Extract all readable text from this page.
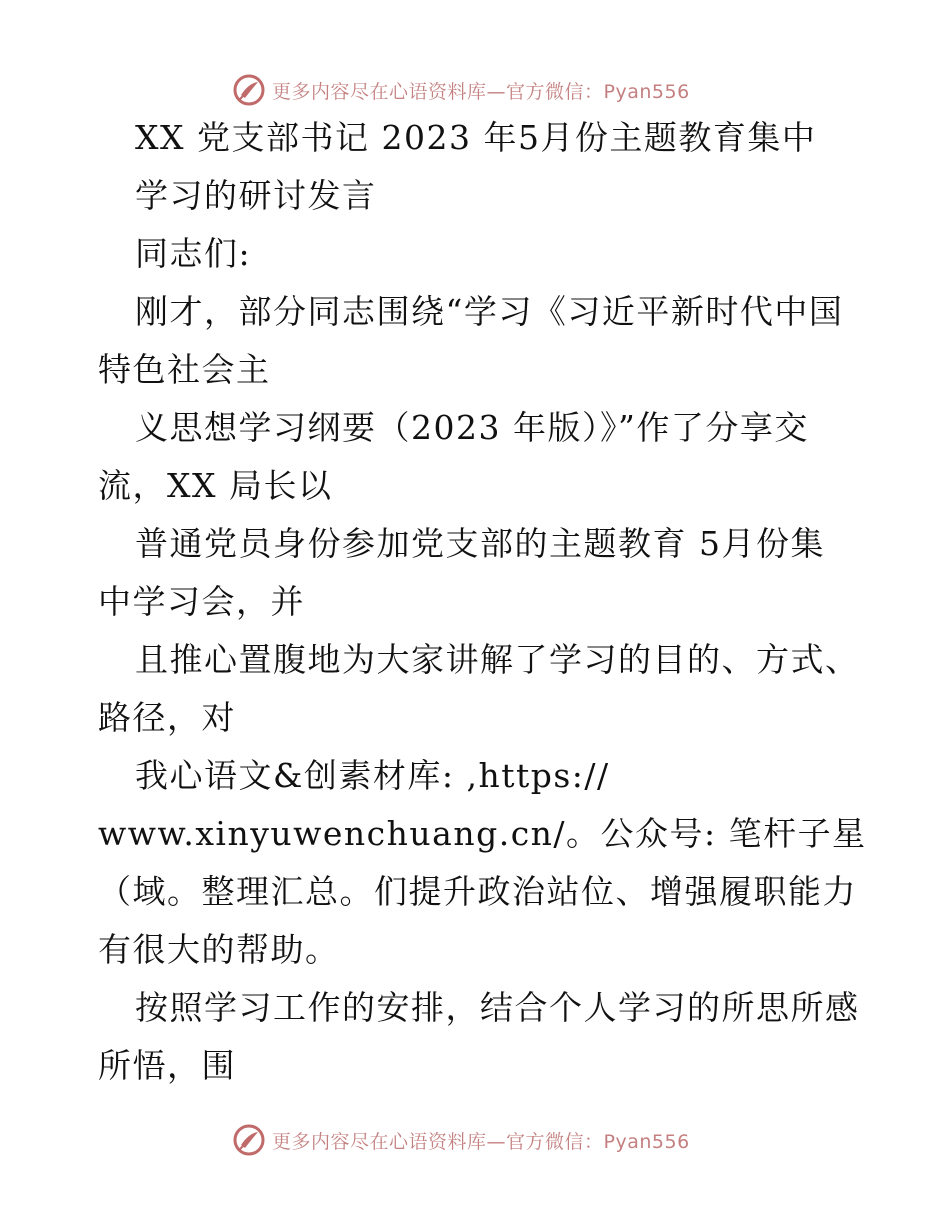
更多内容尽在心语资料库—官方微信：Pyan556
XX 党支部书记 2023 年5月份主题教育集中
学习的研讨发言
同志们:
刚才，部分同志围绕“学习《习近平新时代中国
特色社会主
义思想学习纲要（2023 年版）》”作了分享交
流，XX 局长以
普通党员身份参加党支部的主题教育 5月份集
中学习会，并
且推心置腹地为大家讲解了学习的目的、方式、
路径，对
我心语文&创素材库: ,https://
www.xinyuwenchuang.cn/。公众号: 笔杆子星
（域。整理汇总。们提升政治站位、增强履职能力
有很大的帮助。
按照学习工作的安排，结合个人学习的所思所感
所悟，围
更多内容尽在心语资料库—官方微信：Pyan556
